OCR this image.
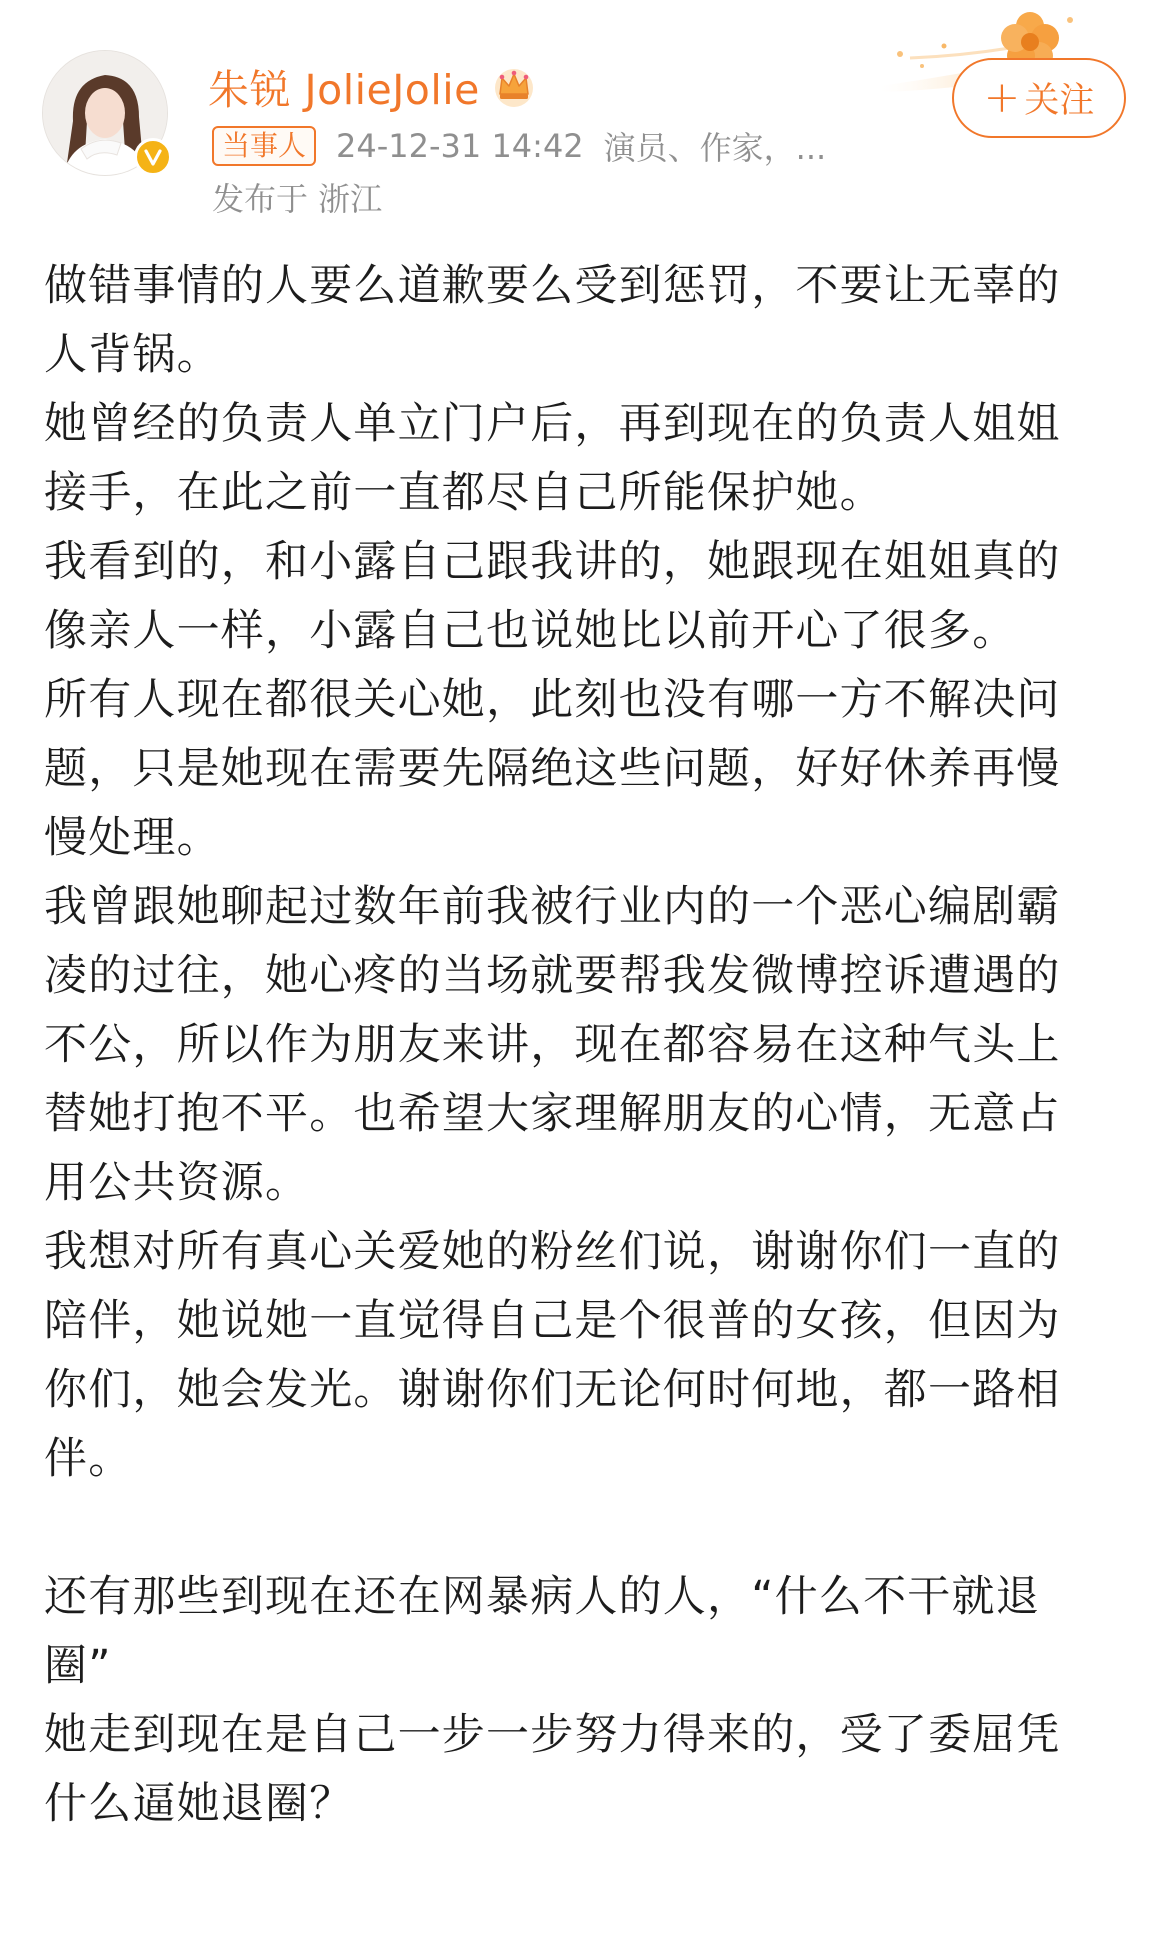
朱锐 JolieJolie
当事人 24-12-31 14:42 演员、作家，...
发布于 浙江
+ 关注

做错事情的人要么道歉要么受到惩罚，不要让无辜的人背锅。

她曾经的负责人单立门户后，再到现在的负责人姐姐接手，在此之前一直都尽自己所能保护她。

我看到的，和小露自己跟我讲的，她跟现在姐姐真的像亲人一样，小露自己也说她比以前开心了很多。

所有人现在都很关心她，此刻也没有哪一方不解决问题，只是她现在需要先隔绝这些问题，好好休养再慢慢处理。

我曾跟她聊起过数年前我被行业内的一个恶心编剧霸凌的过往，她心疼的当场就要帮我发微博控诉遭遇的不公，所以作为朋友来讲，现在都容易在这种气头上替她打抱不平。也希望大家理解朋友的心情，无意占用公共资源。

我想对所有真心关爱她的粉丝们说，谢谢你们一直的陪伴，她说她一直觉得自己是个很普的女孩，但因为你们，她会发光。谢谢你们无论何时何地，都一路相伴。

还有那些到现在还在网暴病人的人，“什么不干就退圈”

她走到现在是自己一步一步努力得来的，受了委屈凭什么逼她退圈？
